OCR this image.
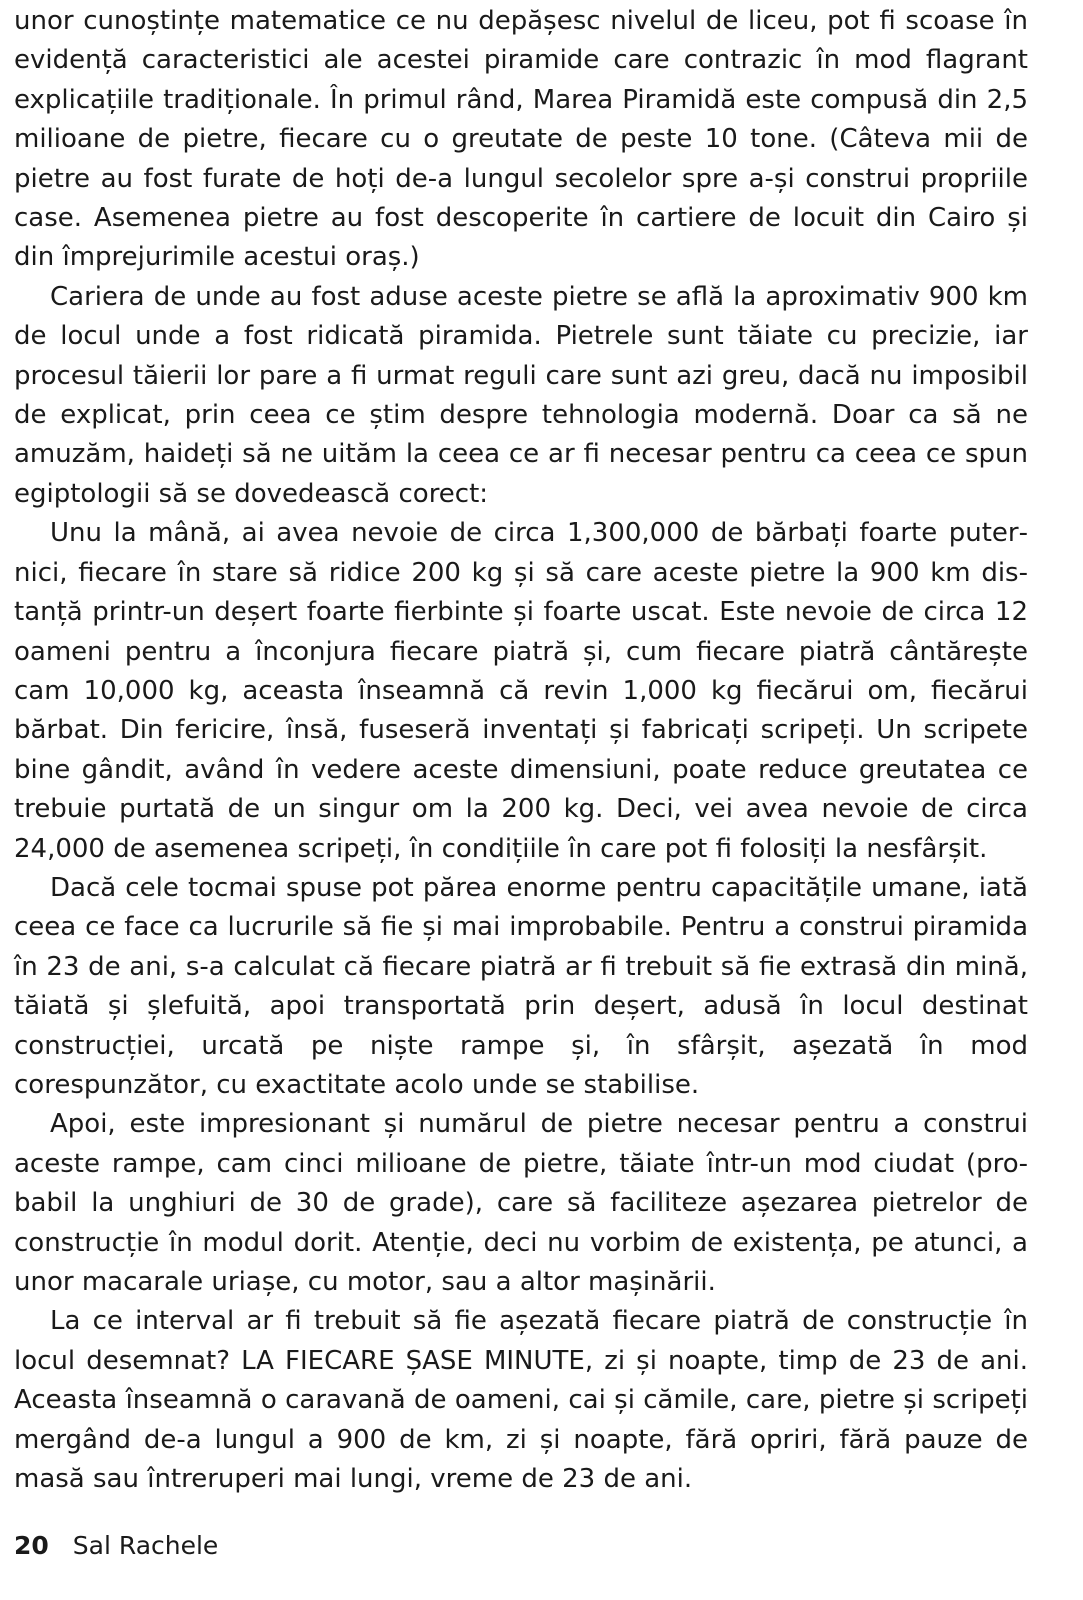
unor cunoștințe matematice ce nu depășesc nivelul de liceu, pot fi scoase în evidență caracteristici ale acestei piramide care contrazic în mod flagrant explicațiile tradiționale. În primul rând, Marea Piramidă este compusă din 2,5 milioane de pietre, fiecare cu o greutate de peste 10 tone. (Câteva mii de pietre au fost furate de hoți de-a lungul secolelor spre a-și construi propriile case. Asemenea pietre au fost descoperite în cartiere de locuit din Cairo și din împrejurimile acestui oraș.)

Cariera de unde au fost aduse aceste pietre se află la aproximativ 900 km de locul unde a fost ridicată piramida. Pietrele sunt tăiate cu precizie, iar procesul tăierii lor pare a fi urmat reguli care sunt azi greu, dacă nu imposibil de explicat, prin ceea ce știm despre tehnologia modernă. Doar ca să ne amuzăm, haideți să ne uităm la ceea ce ar fi necesar pentru ca ceea ce spun egiptologii să se dovedească corect:

Unu la mână, ai avea nevoie de circa 1,300,000 de bărbați foarte puternici, fiecare în stare să ridice 200 kg și să care aceste pietre la 900 km distanță printr-un deșert foarte fierbinte și foarte uscat. Este nevoie de circa 12 oameni pentru a înconjura fiecare piatră și, cum fiecare piatră cântărește cam 10,000 kg, aceasta înseamnă că revin 1,000 kg fiecărui om, fiecărui bărbat. Din fericire, însă, fuseseră inventați și fabricați scripeți. Un scripete bine gândit, având în vedere aceste dimensiuni, poate reduce greutatea ce trebuie purtată de un singur om la 200 kg. Deci, vei avea nevoie de circa 24,000 de asemenea scripeți, în condițiile în care pot fi folosiți la nesfârșit.

Dacă cele tocmai spuse pot părea enorme pentru capacitățile umane, iată ceea ce face ca lucrurile să fie și mai improbabile. Pentru a construi piramida în 23 de ani, s-a calculat că fiecare piatră ar fi trebuit să fie extrasă din mină, tăiată și șlefuită, apoi transportată prin deșert, adusă în locul destinat construcției, urcată pe niște rampe și, în sfârșit, așezată în mod corespunzător, cu exactitate acolo unde se stabilise.

Apoi, este impresionant și numărul de pietre necesar pentru a construi aceste rampe, cam cinci milioane de pietre, tăiate într-un mod ciudat (probabil la unghiuri de 30 de grade), care să faciliteze așezarea pietrelor de construcție în modul dorit. Atenție, deci nu vorbim de existența, pe atunci, a unor macarale uriașe, cu motor, sau a altor mașinării.

La ce interval ar fi trebuit să fie așezată fiecare piatră de construcție în locul desemnat? LA FIECARE ȘASE MINUTE, zi și noapte, timp de 23 de ani. Aceasta înseamnă o caravană de oameni, cai și cămile, care, pietre și scripeți mergând de-a lungul a 900 de km, zi și noapte, fără opriri, fără pauze de masă sau întreruperi mai lungi, vreme de 23 de ani.

20 Sal Rachele
